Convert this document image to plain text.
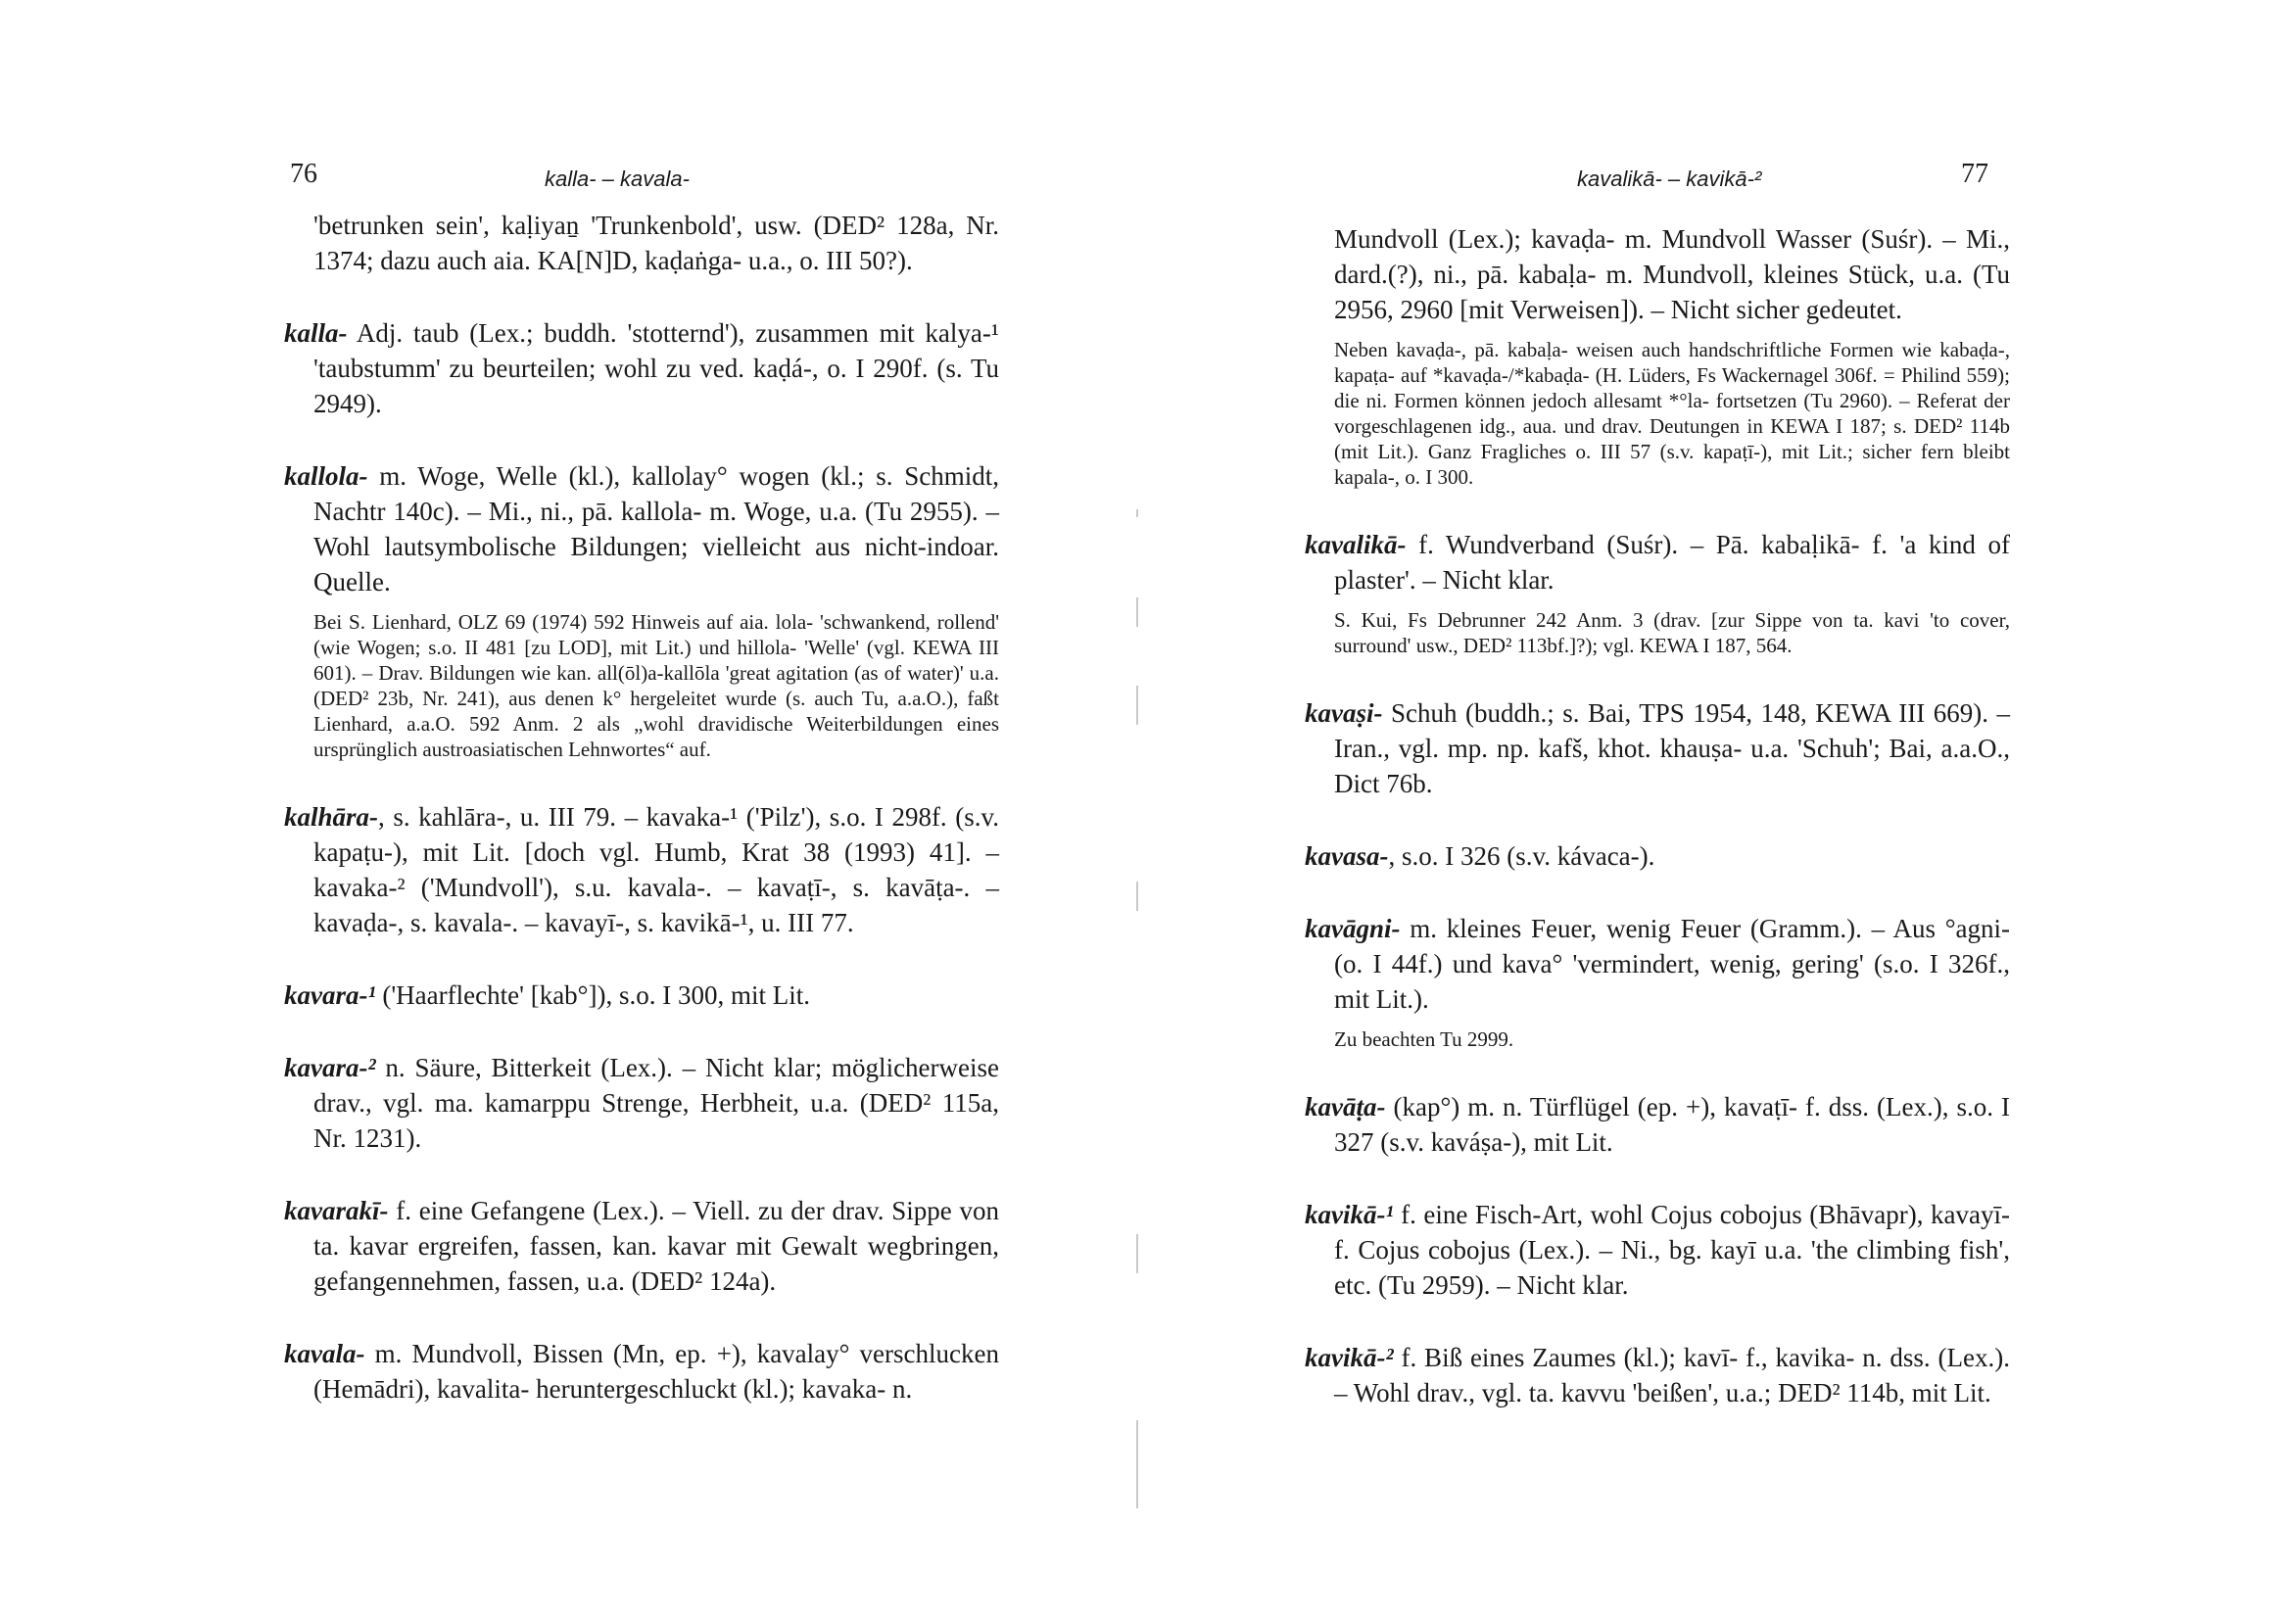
76	kalla- – kavala-

'betrunken sein', kaḷiyaṉ 'Trunkenbold', usw. (DED² 128a, Nr. 1374; dazu auch aia. KA[N]D, kaḍaṅga- u.a., o. III 50?).

kalla- Adj. taub (Lex.; buddh. 'stotternd'), zusammen mit kalya-¹ 'taubstumm' zu beurteilen; wohl zu ved. kaḍá-, o. I 290f. (s. Tu 2949).

kallola- m. Woge, Welle (kl.), kallolay° wogen (kl.; s. Schmidt, Nachtr 140c). – Mi., ni., pā. kallola- m. Woge, u.a. (Tu 2955). – Wohl lautsymbolische Bildungen; vielleicht aus nicht-indoar. Quelle.

Bei S. Lienhard, OLZ 69 (1974) 592 Hinweis auf aia. lola- 'schwankend, rollend' (wie Wogen; s.o. II 481 [zu LOD], mit Lit.) und hillola- 'Welle' (vgl. KEWA III 601). – Drav. Bildungen wie kan. all(ōl)a-kallōla 'great agitation (as of water)' u.a. (DED² 23b, Nr. 241), aus denen k° hergeleitet wurde (s. auch Tu, a.a.O.), faßt Lienhard, a.a.O. 592 Anm. 2 als „wohl dravidische Weiterbildungen eines ursprünglich austroasiatischen Lehnwortes“ auf.

kalhāra-, s. kahlāra-, u. III 79. – kavaka-¹ ('Pilz'), s.o. I 298f. (s.v. kapaṭu-), mit Lit. [doch vgl. Humb, Krat 38 (1993) 41]. – kavaka-² ('Mundvoll'), s.u. kavala-. – kavaṭī-, s. kavāṭa-. – kavaḍa-, s. kavala-. – kavayī-, s. kavikā-¹, u. III 77.

kavara-¹ ('Haarflechte' [kab°]), s.o. I 300, mit Lit.

kavara-² n. Säure, Bitterkeit (Lex.). – Nicht klar; möglicherweise drav., vgl. ma. kamarppu Strenge, Herbheit, u.a. (DED² 115a, Nr. 1231).

kavarakī- f. eine Gefangene (Lex.). – Viell. zu der drav. Sippe von ta. kavar ergreifen, fassen, kan. kavar mit Gewalt wegbringen, gefangennehmen, fassen, u.a. (DED² 124a).

kavala- m. Mundvoll, Bissen (Mn, ep. +), kavalay° verschlucken (Hemādri), kavalita- heruntergeschluckt (kl.); kavaka- n.

kavalikā- – kavikā-²	77

Mundvoll (Lex.); kavaḍa- m. Mundvoll Wasser (Suśr). – Mi., dard.(?), ni., pā. kabaḷa- m. Mundvoll, kleines Stück, u.a. (Tu 2956, 2960 [mit Verweisen]). – Nicht sicher gedeutet.

Neben kavaḍa-, pā. kabaḷa- weisen auch handschriftliche Formen wie kabaḍa-, kapaṭa- auf *kavaḍa-/*kabaḍa- (H. Lüders, Fs Wackernagel 306f. = Philind 559); die ni. Formen können jedoch allesamt *°la- fortsetzen (Tu 2960). – Referat der vorgeschlagenen idg., aua. und drav. Deutungen in KEWA I 187; s. DED² 114b (mit Lit.). Ganz Fragliches o. III 57 (s.v. kapaṭī-), mit Lit.; sicher fern bleibt kapala-, o. I 300.

kavalikā- f. Wundverband (Suśr). – Pā. kabaḷikā- f. 'a kind of plaster'. – Nicht klar.

S. Kui, Fs Debrunner 242 Anm. 3 (drav. [zur Sippe von ta. kavi 'to cover, surround' usw., DED² 113bf.]?); vgl. KEWA I 187, 564.

kavaṣi- Schuh (buddh.; s. Bai, TPS 1954, 148, KEWA III 669). – Iran., vgl. mp. np. kafš, khot. khauṣa- u.a. 'Schuh'; Bai, a.a.O., Dict 76b.

kavasa-, s.o. I 326 (s.v. kávaca-).

kavāgni- m. kleines Feuer, wenig Feuer (Gramm.). – Aus °agni- (o. I 44f.) und kava° 'vermindert, wenig, gering' (s.o. I 326f., mit Lit.).

Zu beachten Tu 2999.

kavāṭa- (kap°) m. n. Türflügel (ep. +), kavaṭī- f. dss. (Lex.), s.o. I 327 (s.v. kaváṣa-), mit Lit.

kavikā-¹ f. eine Fisch-Art, wohl Cojus cobojus (Bhāvapr), kavayī- f. Cojus cobojus (Lex.). – Ni., bg. kayī u.a. 'the climbing fish', etc. (Tu 2959). – Nicht klar.

kavikā-² f. Biß eines Zaumes (kl.); kavī- f., kavika- n. dss. (Lex.). – Wohl drav., vgl. ta. kavvu 'beißen', u.a.; DED² 114b, mit Lit.
